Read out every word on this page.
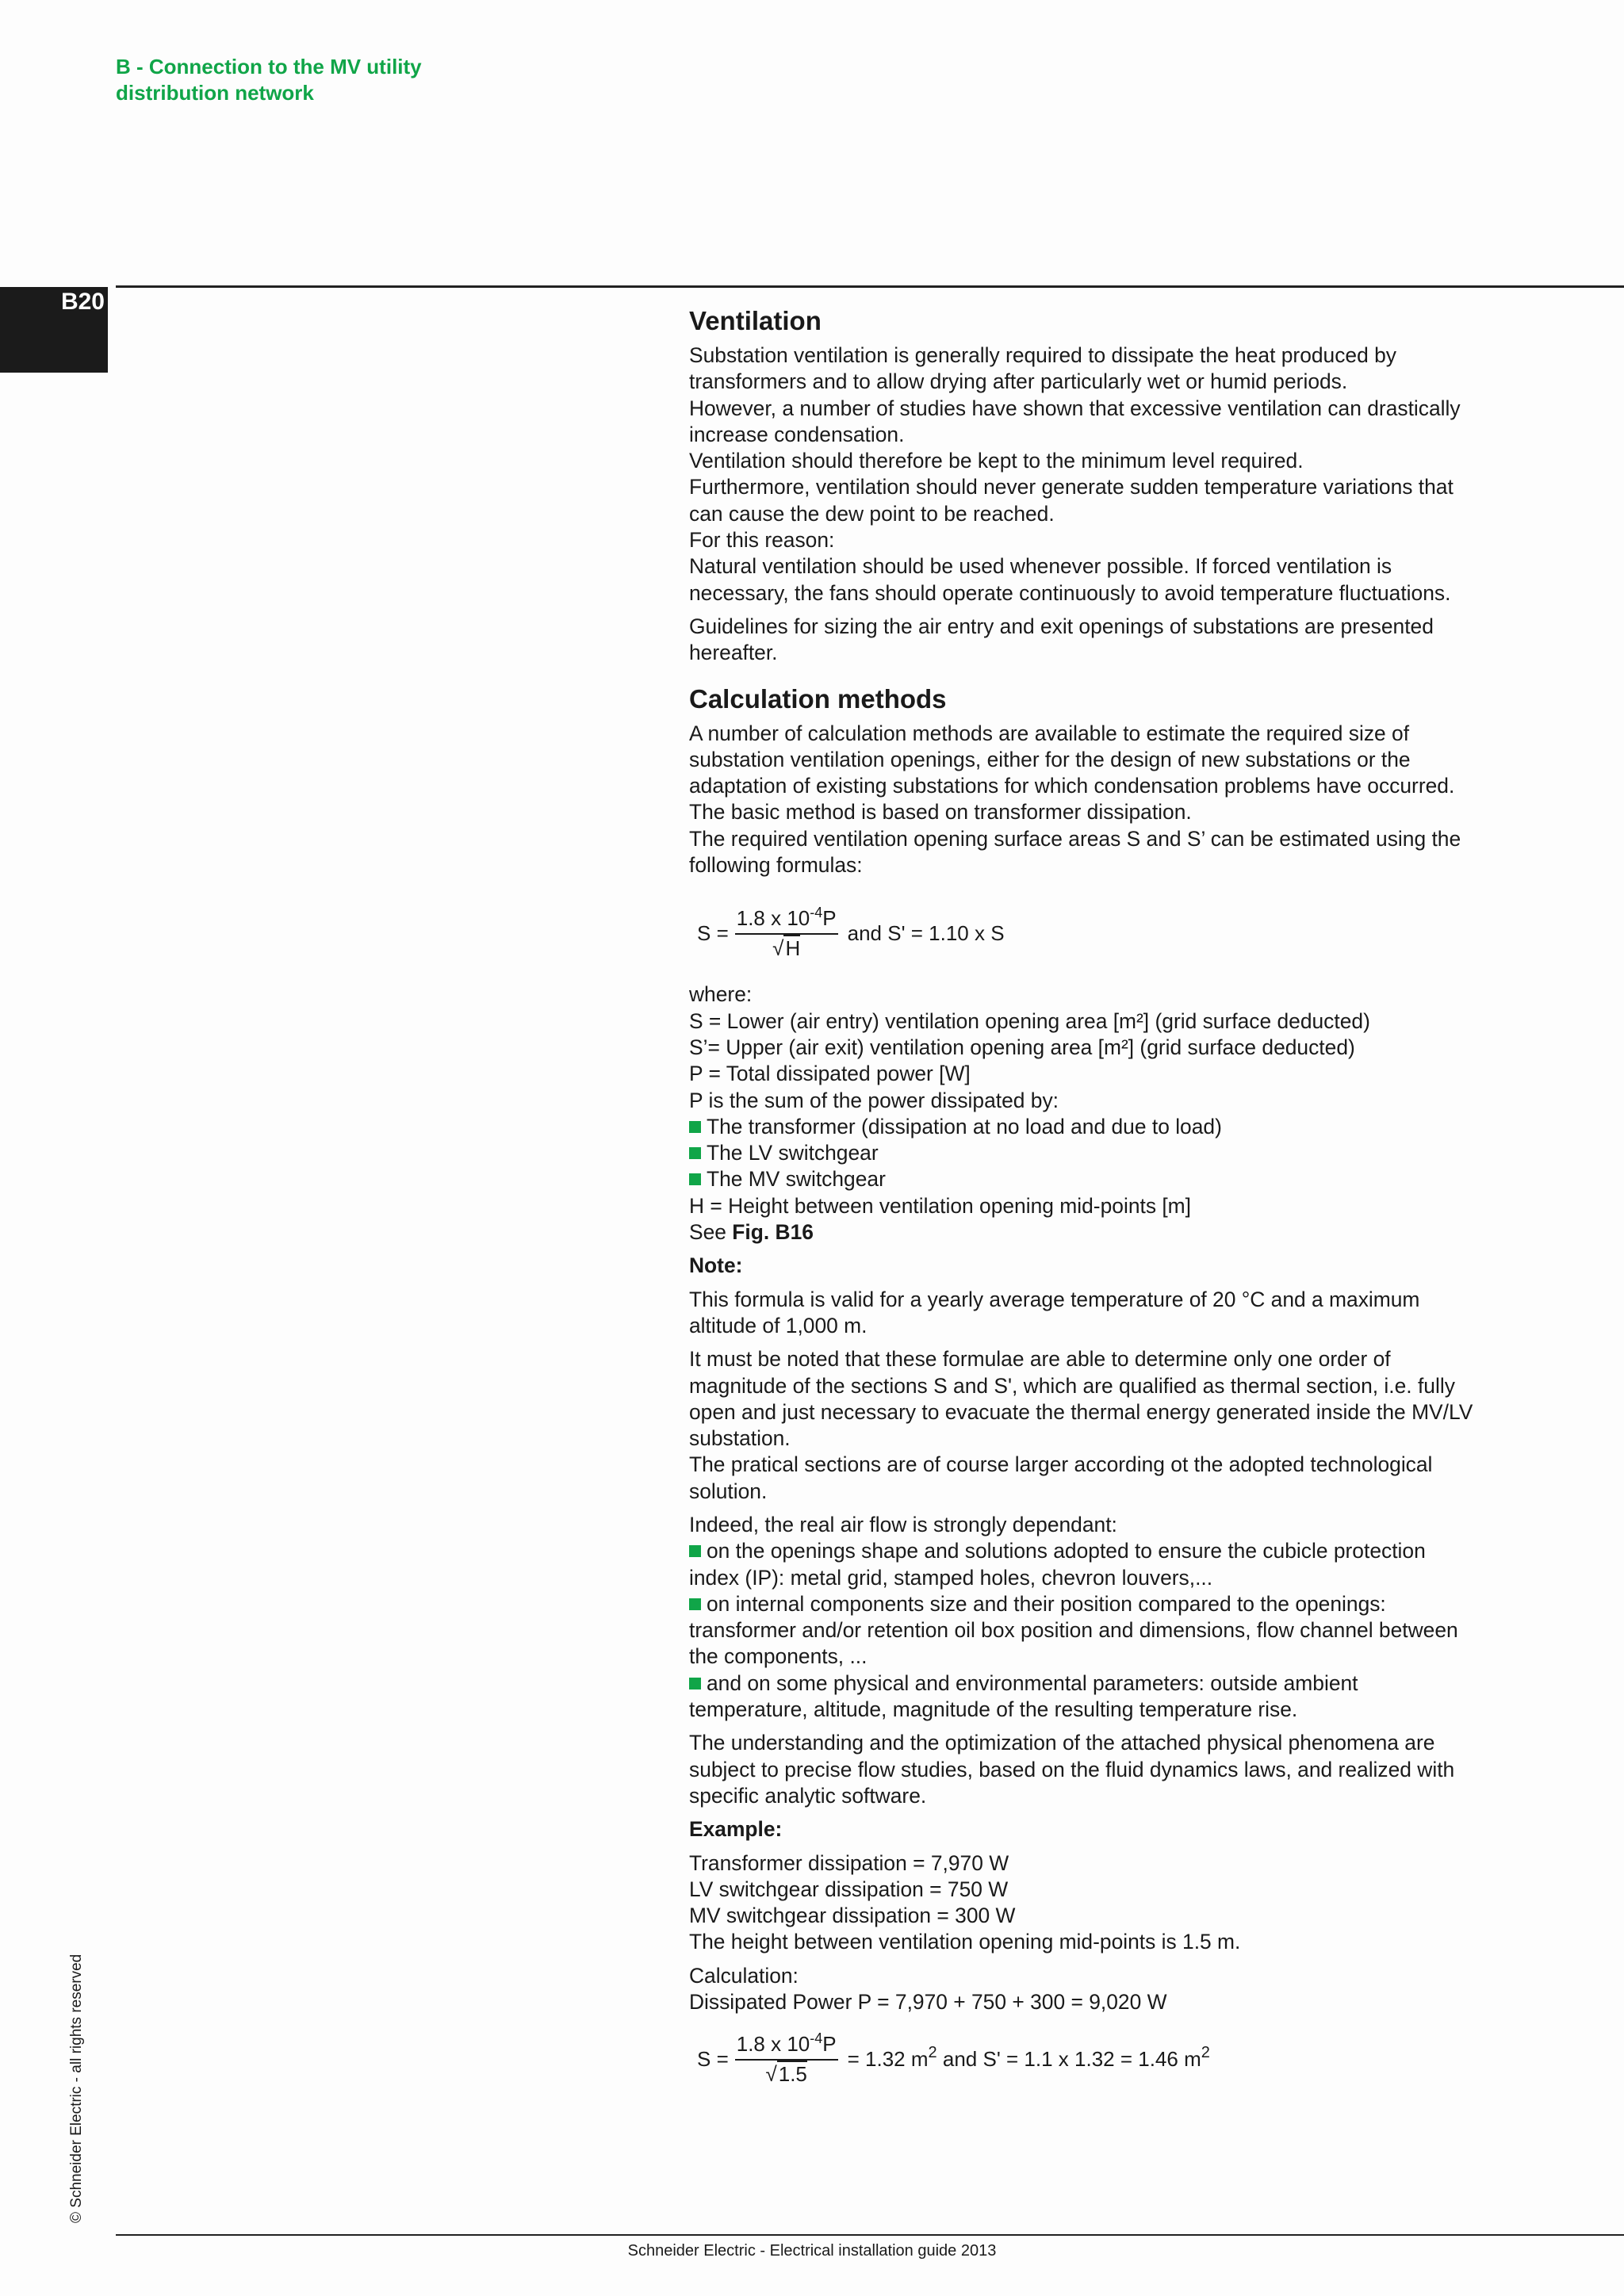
B - Connection to the MV utility
distribution network
B20
© Schneider Electric - all rights reserved
Ventilation

Substation ventilation is generally required to dissipate the heat produced by

transformers and to allow drying after particularly wet or humid periods.

However, a number of studies have shown that excessive ventilation can drastically

increase condensation.

Ventilation should therefore be kept to the minimum level required.

Furthermore, ventilation should never generate sudden temperature variations that

can cause the dew point to be reached.

For this reason:

Natural ventilation should be used whenever possible. If forced ventilation is

necessary, the fans should operate continuously to avoid temperature fluctuations.

Guidelines for sizing the air entry and exit openings of substations are presented

hereafter.

Calculation methods

A number of calculation methods are available to estimate the required size of

substation ventilation openings, either for the design of new substations or the

adaptation of existing substations for which condensation problems have occurred.

The basic method is based on transformer dissipation.

The required ventilation opening surface areas S and S’ can be estimated using the

following formulas:

$S = \frac{1.8 x 10^{-4}P}{√H}$ and S' = 1.10 x S

where:

S = Lower (air entry) ventilation opening area [m²] (grid surface deducted)

S’= Upper (air exit) ventilation opening area [m²] (grid surface deducted)

P = Total dissipated power [W]

P is the sum of the power dissipated by:

The transformer (dissipation at no load and due to load)

The LV switchgear

The MV switchgear

H = Height between ventilation opening mid-points [m]

See Fig. B16

Note:

This formula is valid for a yearly average temperature of 20 °C and a maximum

altitude of 1,000 m.

It must be noted that these formulae are able to determine only one order of

magnitude of the sections S and S', which are qualified as thermal section, i.e. fully

open and just necessary to evacuate the thermal energy generated inside the MV/LV

substation.

The pratical sections are of course larger according ot the adopted technological

solution.

Indeed, the real air flow is strongly dependant:

on the openings shape and solutions adopted to ensure the cubicle protection

index (IP): metal grid, stamped holes, chevron louvers,...

on internal components size and their position compared to the openings:

transformer and/or retention oil box position and dimensions, flow channel between

the components, ...

and on some physical and environmental parameters: outside ambient

temperature, altitude, magnitude of the resulting temperature rise.

The understanding and the optimization of the attached physical phenomena are

subject to precise flow studies, based on the fluid dynamics laws, and realized with

specific analytic software.

Example:

Transformer dissipation = 7,970 W

LV switchgear dissipation = 750 W

MV switchgear dissipation = 300 W

The height between ventilation opening mid-points is 1.5 m.

Calculation:

Dissipated Power P = 7,970 + 750 + 300 = 9,020 W

$S = \frac{1.8 x 10^{-4}P}{√1.5} = 1.32$ $m^2$ and S' = 1.1 x 1.32 = 1.46 $m^2$
Schneider Electric - Electrical installation guide 2013
